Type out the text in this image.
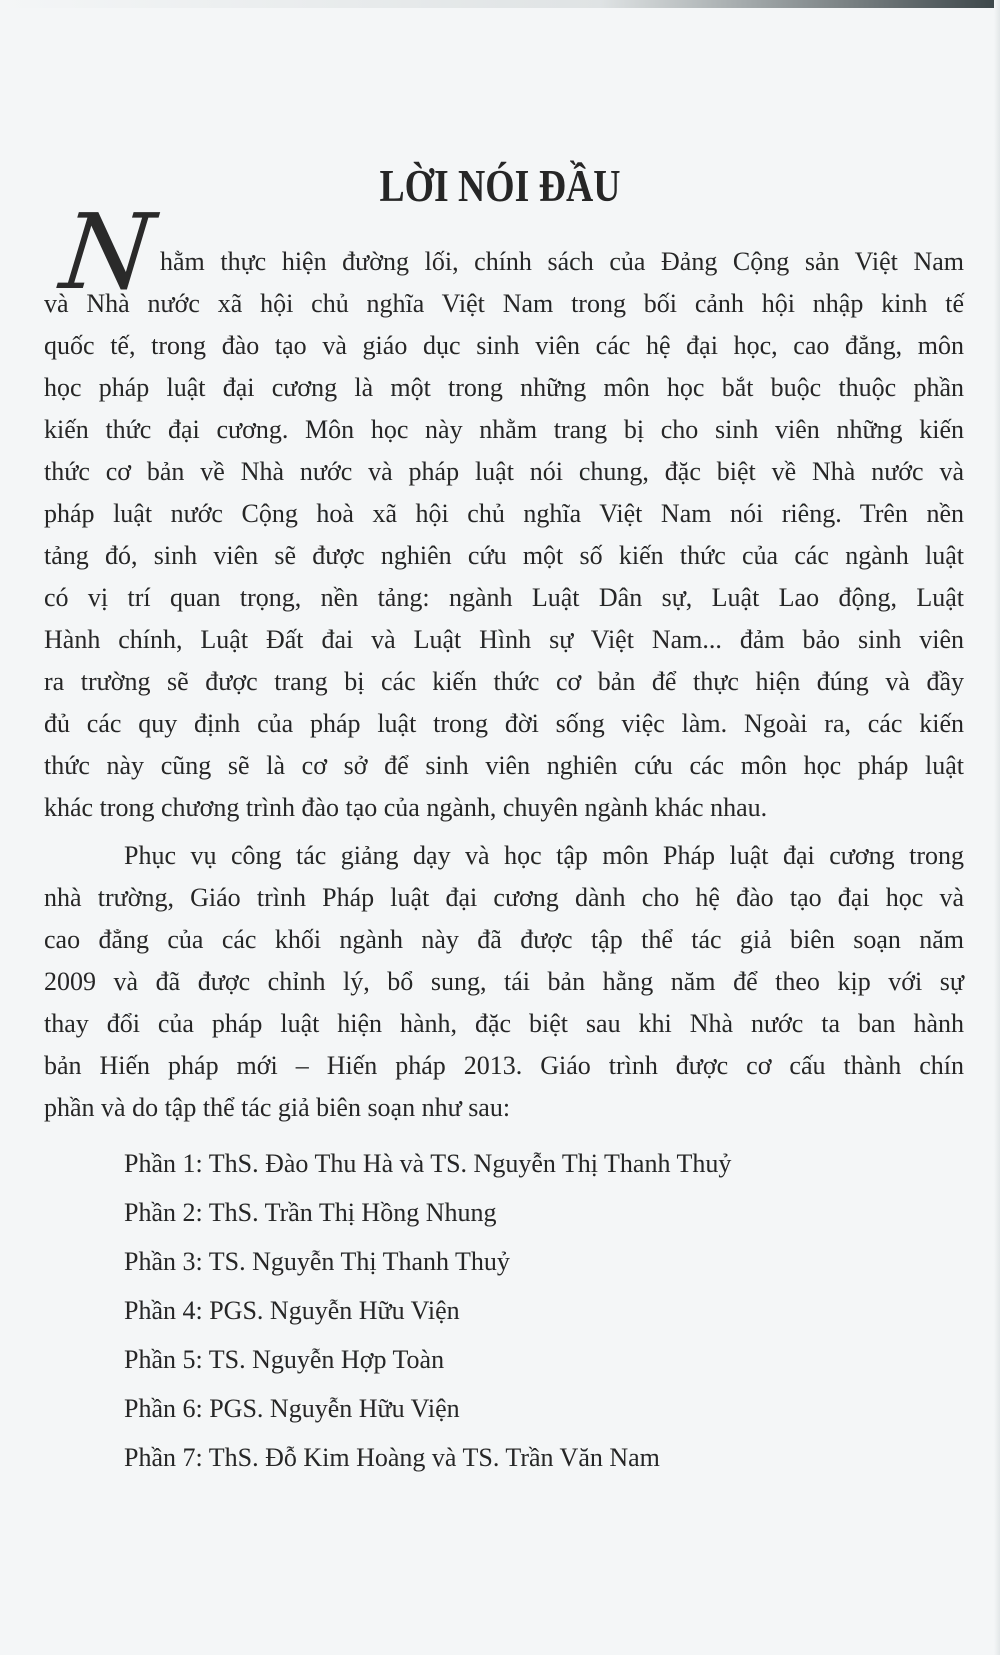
LỜI NÓI ĐẦU
N hằm thực hiện đường lối, chính sách của Đảng Cộng sản Việt Nam
và Nhà nước xã hội chủ nghĩa Việt Nam trong bối cảnh hội nhập kinh tế
quốc tế, trong đào tạo và giáo dục sinh viên các hệ đại học, cao đẳng, môn
học pháp luật đại cương là một trong những môn học bắt buộc thuộc phần
kiến thức đại cương. Môn học này nhằm trang bị cho sinh viên những kiến
thức cơ bản về Nhà nước và pháp luật nói chung, đặc biệt về Nhà nước và
pháp luật nước Cộng hoà xã hội chủ nghĩa Việt Nam nói riêng. Trên nền
tảng đó, sinh viên sẽ được nghiên cứu một số kiến thức của các ngành luật
có vị trí quan trọng, nền tảng: ngành Luật Dân sự, Luật Lao động, Luật
Hành chính, Luật Đất đai và Luật Hình sự Việt Nam... đảm bảo sinh viên
ra trường sẽ được trang bị các kiến thức cơ bản để thực hiện đúng và đầy
đủ các quy định của pháp luật trong đời sống việc làm. Ngoài ra, các kiến
thức này cũng sẽ là cơ sở để sinh viên nghiên cứu các môn học pháp luật
khác trong chương trình đào tạo của ngành, chuyên ngành khác nhau.
Phục vụ công tác giảng dạy và học tập môn Pháp luật đại cương trong
nhà trường, Giáo trình Pháp luật đại cương dành cho hệ đào tạo đại học và
cao đẳng của các khối ngành này đã được tập thể tác giả biên soạn năm
2009 và đã được chỉnh lý, bổ sung, tái bản hằng năm để theo kịp với sự
thay đổi của pháp luật hiện hành, đặc biệt sau khi Nhà nước ta ban hành
bản Hiến pháp mới – Hiến pháp 2013. Giáo trình được cơ cấu thành chín
phần và do tập thể tác giả biên soạn như sau:
Phần 1: ThS. Đào Thu Hà và TS. Nguyễn Thị Thanh Thuỷ
Phần 2: ThS. Trần Thị Hồng Nhung
Phần 3: TS. Nguyễn Thị Thanh Thuỷ
Phần 4: PGS. Nguyễn Hữu Viện
Phần 5: TS. Nguyễn Hợp Toàn
Phần 6: PGS. Nguyễn Hữu Viện
Phần 7: ThS. Đỗ Kim Hoàng và TS. Trần Văn Nam
